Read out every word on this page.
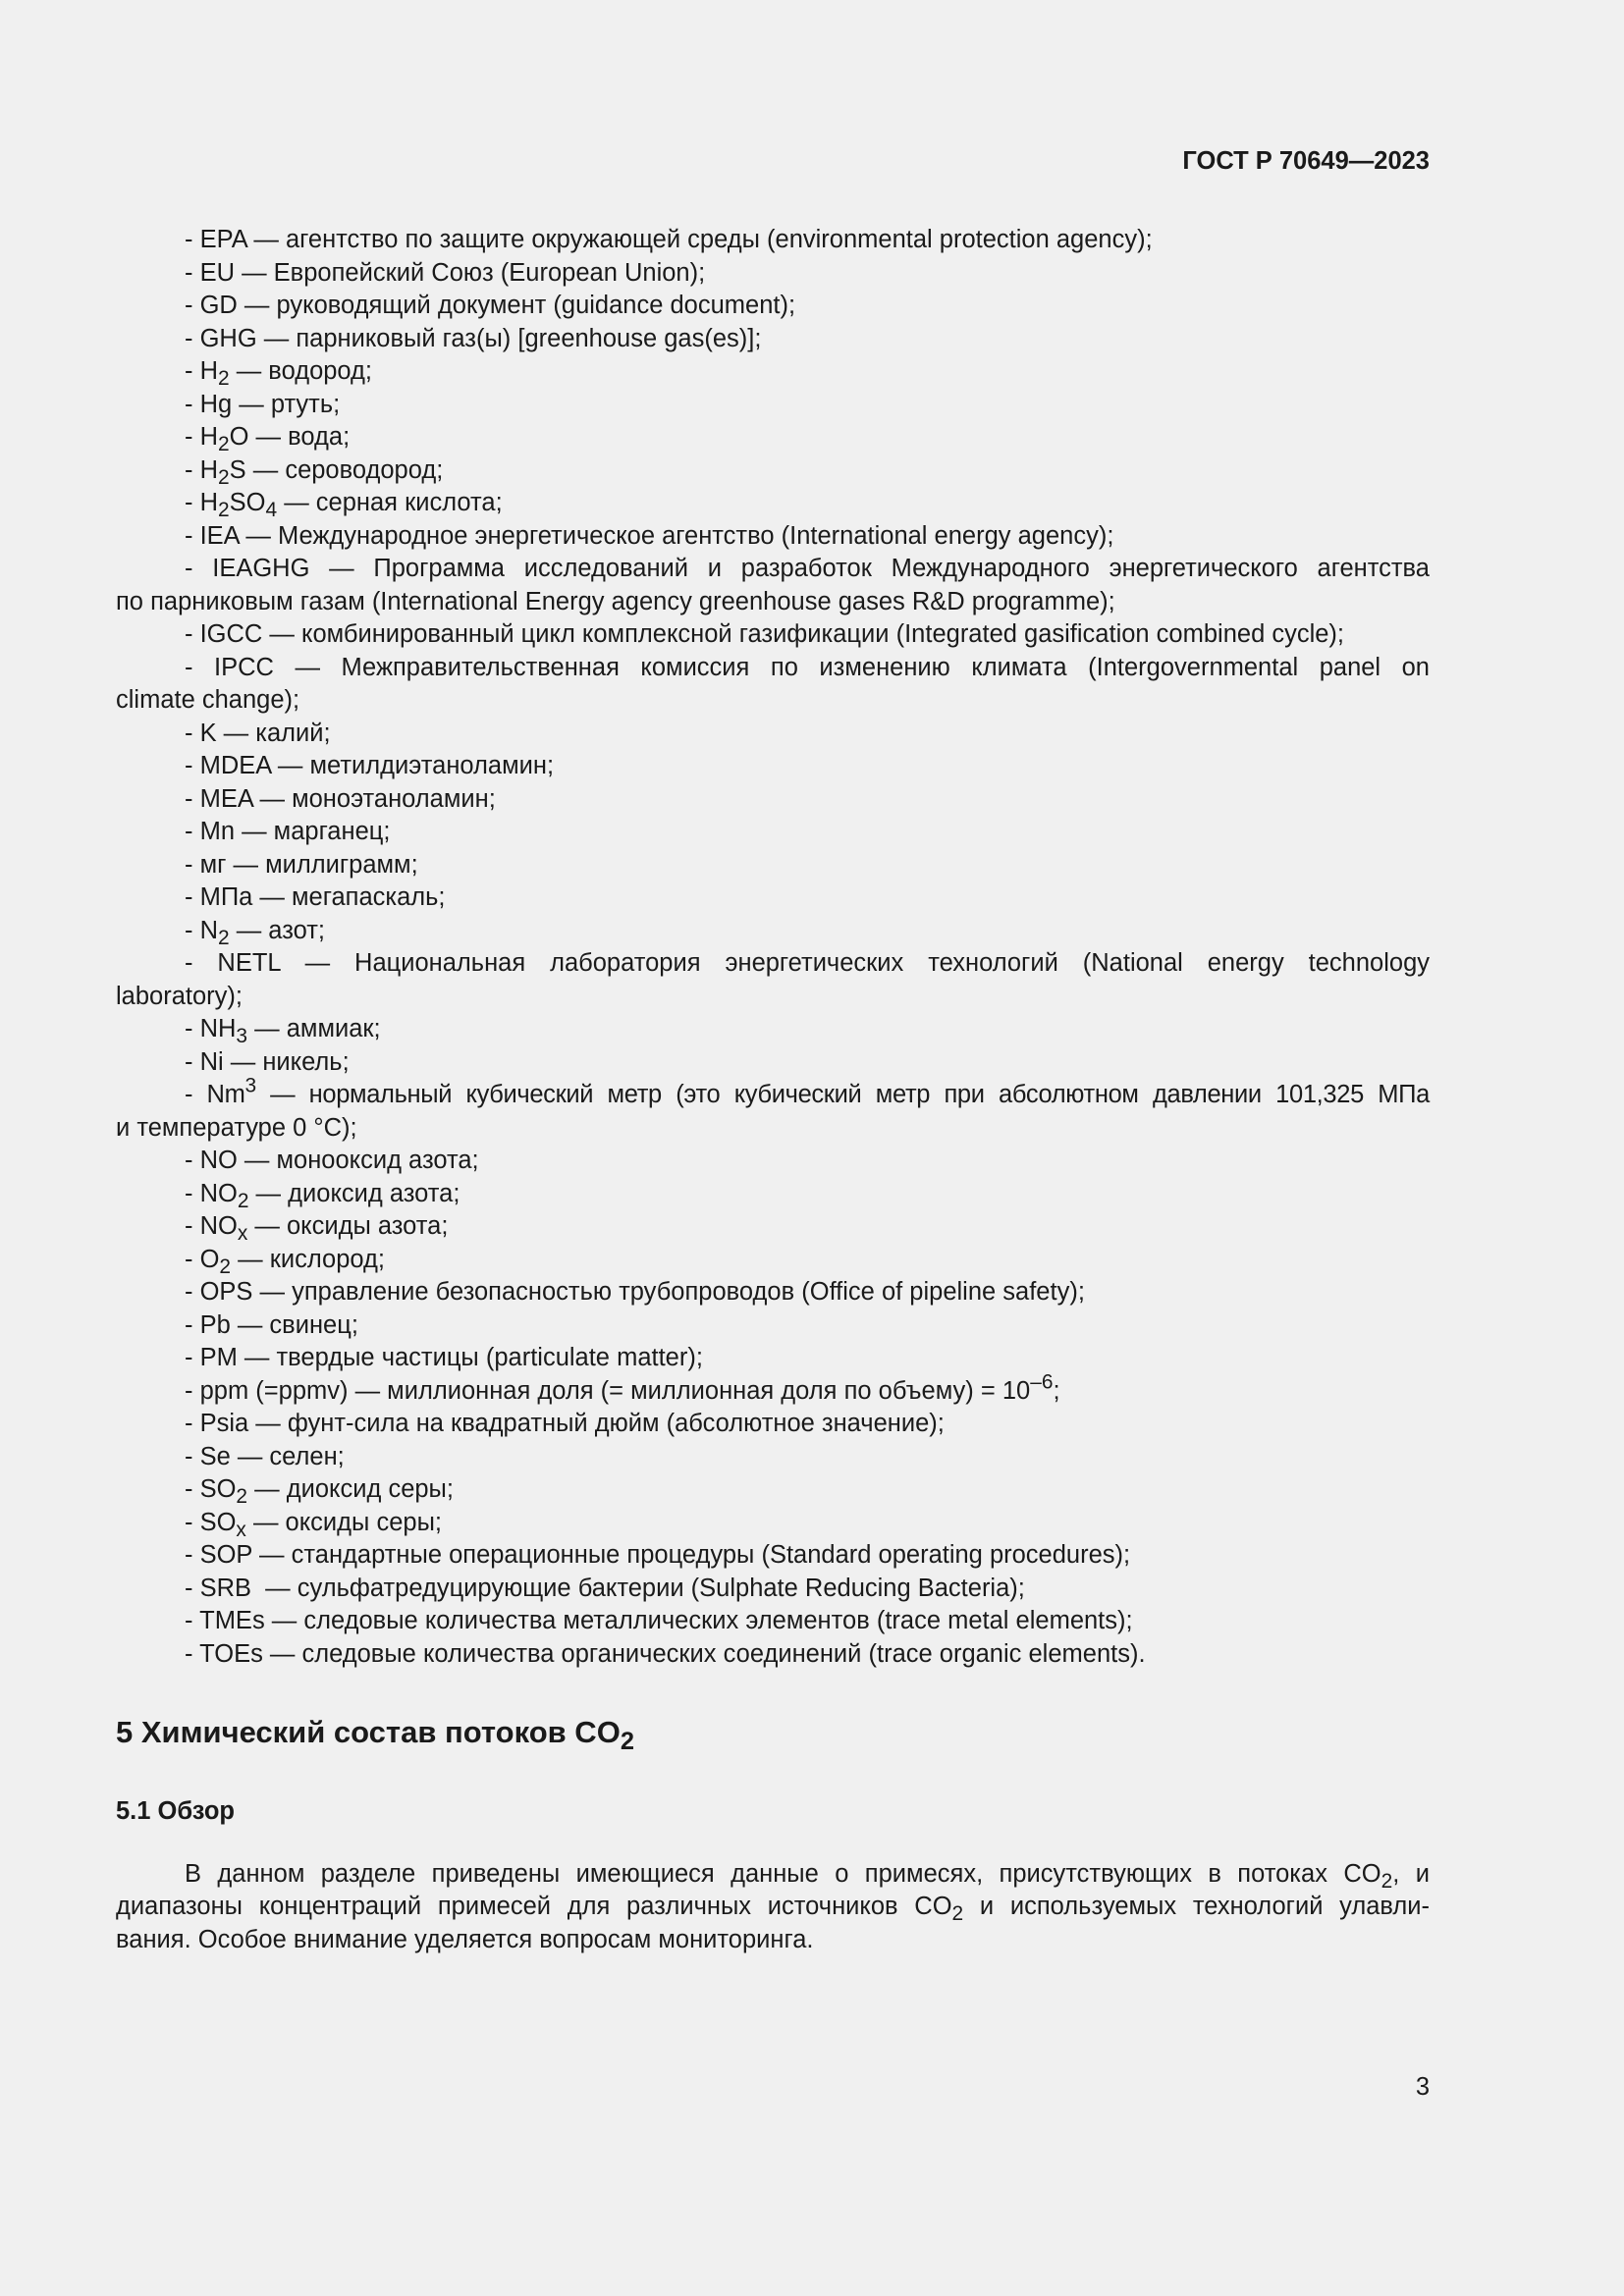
ГОСТ Р 70649—2023

- EPA — агентство по защите окружающей среды (environmental protection agency);

- EU — Европейский Союз (European Union);

- GD — руководящий документ (guidance document);

- GHG — парниковый газ(ы) [greenhouse gas(es)];

- $H_2$ — водород;

- Hg — ртуть;

- $H_2O$ — вода;

- $H_2S$ — сероводород;

- $H_2SO_4$ — серная кислота;

- IEA — Международное энергетическое агентство (International energy agency);

- IEAGHG — Программа исследований и разработок Международного энергетического агентства
по парниковым газам (International Energy agency greenhouse gases R&D programme);

- IGCC — комбинированный цикл комплексной газификации (Integrated gasification combined cycle);

- IPCC — Межправительственная комиссия по изменению климата (Intergovernmental panel on
climate change);

- K — калий;

- MDEA — метилдиэтаноламин;

- MEA — моноэтаноламин;

- Mn — марганец;

- мг — миллиграмм;

- МПа — мегапаскаль;

- $N_2$ — азот;

- NETL — Национальная лаборатория энергетических технологий (National energy technology
laboratory);

- $NH_3$ — аммиак;

- Ni — никель;

- Nm$^3$ — нормальный кубический метр (это кубический метр при абсолютном давлении 101,325 МПа
и температуре 0 °C);

- NO — монооксид азота;

- $NO_2$ — диоксид азота;

- $NO_x$ — оксиды азота;

- $O_2$ — кислород;

- OPS — управление безопасностью трубопроводов (Office of pipeline safety);

- Pb — свинец;

- PM — твердые частицы (particulate matter);

- ppm (=ppmv) — миллионная доля (= миллионная доля по объему) = $10^{-6}$;

- Psia — фунт-сила на квадратный дюйм (абсолютное значение);

- Se — селен;

- $SO_2$ — диоксид серы;

- $SO_x$ — оксиды серы;

- SOP — стандартные операционные процедуры (Standard operating procedures);

- SRB  — сульфатредуцирующие бактерии (Sulphate Reducing Bacteria);

- TMEs — следовые количества металлических элементов (trace metal elements);

- TOEs — следовые количества органических соединений (trace organic elements).

5 Химический состав потоков $CO_2$

5.1 Обзор

В данном разделе приведены имеющиеся данные о примесях, присутствующих в потоках $CO_2$, и
диапазоны концентраций примесей для различных источников $CO_2$ и используемых технологий улавли-
вания. Особое внимание уделяется вопросам мониторинга.

3
